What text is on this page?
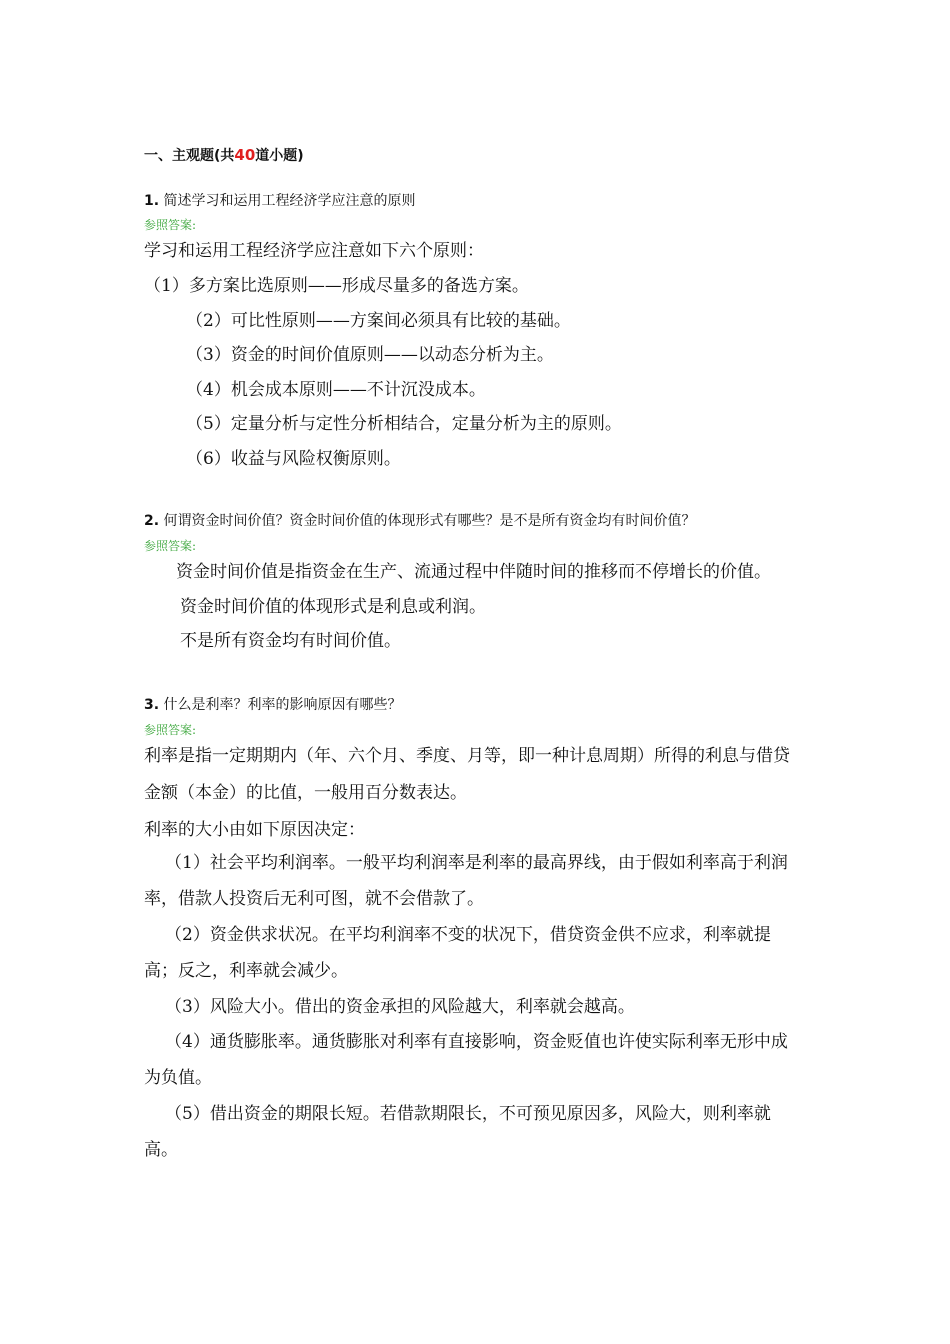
一、主观题(共40道小题)
1. 简述学习和运用工程经济学应注意的原则
参照答案:
学习和运用工程经济学应注意如下六个原则：
（1）多方案比选原则——形成尽量多的备选方案。
（2）可比性原则——方案间必须具有比较的基础。
（3）资金的时间价值原则——以动态分析为主。
（4）机会成本原则——不计沉没成本。
（5）定量分析与定性分析相结合，定量分析为主的原则。
（6）收益与风险权衡原则。
2. 何谓资金时间价值？资金时间价值的体现形式有哪些？是不是所有资金均有时间价值？
参照答案:
资金时间价值是指资金在生产、流通过程中伴随时间的推移而不停增长的价值。
资金时间价值的体现形式是利息或利润。
不是所有资金均有时间价值。
3. 什么是利率？利率的影响原因有哪些？
参照答案:
利率是指一定期期内（年、六个月、季度、月等，即一种计息周期）所得的利息与借贷
金额（本金）的比值，一般用百分数表达。
利率的大小由如下原因决定：
（1）社会平均利润率。一般平均利润率是利率的最高界线，由于假如利率高于利润
率，借款人投资后无利可图，就不会借款了。
（2）资金供求状况。在平均利润率不变的状况下，借贷资金供不应求，利率就提
高；反之，利率就会减少。
（3）风险大小。借出的资金承担的风险越大，利率就会越高。
（4）通货膨胀率。通货膨胀对利率有直接影响，资金贬值也许使实际利率无形中成
为负值。
（5）借出资金的期限长短。若借款期限长，不可预见原因多，风险大，则利率就
高。
